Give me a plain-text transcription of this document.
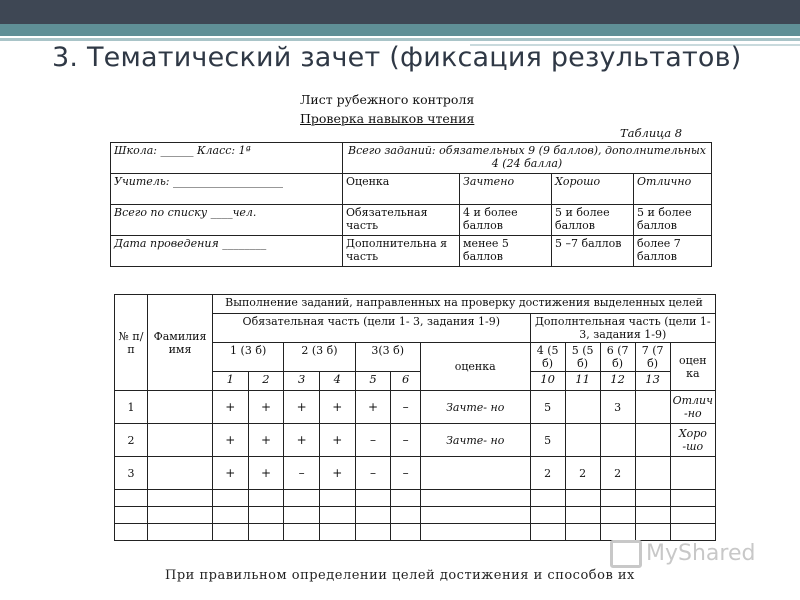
3. Тематический зачет (фиксация результатов)
Лист рубежного контроля
Проверка навыков чтения
Таблица 8
Школа: ______ Класс: 1ª	Всего заданий: обязательных 9 (9 баллов), дополнительных 4 (24 балла)			
Учитель: ____________________	Оценка	Зачтено	Хорошо	Отлично
Всего по списку ____чел.	Обязательная часть	4 и более баллов	5 и более баллов	5 и более баллов
Дата проведения ________	Дополнительна я часть	менее 5 баллов	5 –7 баллов	более 7 баллов
№ п/п	Фамилия имя	Выполнение заданий, направленных на проверку достижения выделенных целей											
		Обязательная часть (цели 1- 3, задания 1-9)							Дополнтельная часть (цели 1- 3, задания 1-9)				
		1 (3 б)		2 (3 б)		3(3 б)		оценка	4 (5 б)	5 (5 б)	6 (7 б)	7 (7 б)	оцен ка
		1	2	3	4	5	6		10	11	12	13	
1		+	+	+	+	+	–	Зачте- но	5		3		Отлич -но
2		+	+	+	+	–	–	Зачте- но	5				Хоро -шо
3		+	+	–	+	–	–		2	2	2		

MyShared
При правильном определении целей достижения и способов их
